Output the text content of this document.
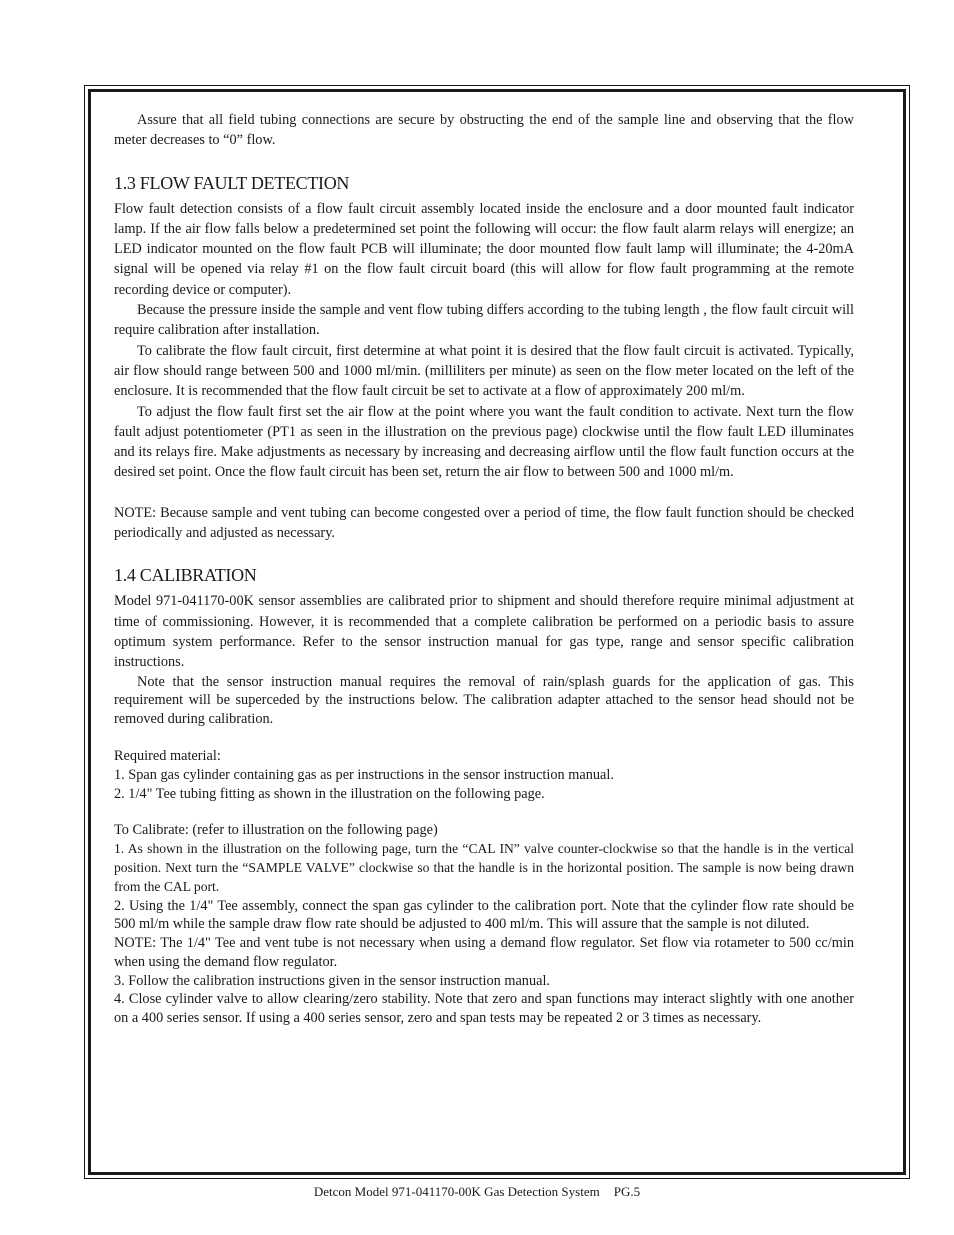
Assure that all field tubing connections are secure by obstructing the end of the sample line and observing that the flow meter decreases to “0” flow.

1.3 FLOW FAULT DETECTION

Flow fault detection consists of a flow fault circuit assembly located inside the enclosure and a door mounted fault indicator lamp. If the air flow falls below a predetermined set point the following will occur: the flow fault alarm relays will energize; an LED indicator mounted on the flow fault PCB will illuminate; the door mounted flow fault lamp will illuminate; the 4-20mA signal will be opened via relay #1 on the flow fault circuit board (this will allow for flow fault programming at the remote recording device or computer).

Because the pressure inside the sample and vent flow tubing differs according to the tubing length , the flow fault circuit will require calibration after installation.

To calibrate the flow fault circuit, first determine at what point it is desired that the flow fault circuit is activated. Typically, air flow should range between 500 and 1000 ml/min. (milliliters per minute) as seen on the flow meter located on the left of the enclosure. It is recommended that the flow fault circuit be set to activate at a flow of approximately 200 ml/m.

To adjust the flow fault first set the air flow at the point where you want the fault condition to activate. Next turn the flow fault adjust potentiometer (PT1 as seen in the illustration on the previous page) clockwise until the flow fault LED illuminates and its relays fire. Make adjustments as necessary by increasing and decreasing airflow until the flow fault function occurs at the desired set point. Once the flow fault circuit has been set, return the air flow to between 500 and 1000 ml/m.

NOTE: Because sample and vent tubing can become congested over a period of time, the flow fault function should be checked periodically and adjusted as necessary.

1.4 CALIBRATION

Model 971-041170-00K sensor assemblies are calibrated prior to shipment and should therefore require minimal adjustment at time of commissioning. However, it is recommended that a complete calibration be performed on a periodic basis to assure optimum system performance. Refer to the sensor instruction manual for gas type, range and sensor specific calibration instructions.

Note that the sensor instruction manual requires the removal of rain/splash guards for the application of gas. This requirement will be superceded by the instructions below. The calibration adapter attached to the sensor head should not be removed during calibration.

Required material:

1. Span gas cylinder containing gas as per instructions in the sensor instruction manual.

2. 1/4" Tee tubing fitting as shown in the illustration on the following page.

To Calibrate: (refer to illustration on the following page)

1. As shown in the illustration on the following page, turn the “CAL IN” valve counter-clockwise so that the handle is in the vertical position. Next turn the “SAMPLE VALVE” clockwise so that the handle is in the horizontal position. The sample is now being drawn from the CAL port.

2. Using the 1/4" Tee assembly, connect the span gas cylinder to the calibration port. Note that the cylinder flow rate should be 500 ml/m while the sample draw flow rate should be adjusted to 400 ml/m. This will assure that the sample is not diluted.

NOTE: The 1/4" Tee and vent tube is not necessary when using a demand flow regulator. Set flow via rotameter to 500 cc/min when using the demand flow regulator.

3. Follow the calibration instructions given in the sensor instruction manual.

4. Close cylinder valve to allow clearing/zero stability. Note that zero and span functions may interact slightly with one another on a 400 series sensor. If using a 400 series sensor, zero and span tests may be repeated 2 or 3 times as necessary.

Detcon Model 971-041170-00K Gas Detection System PG.5
